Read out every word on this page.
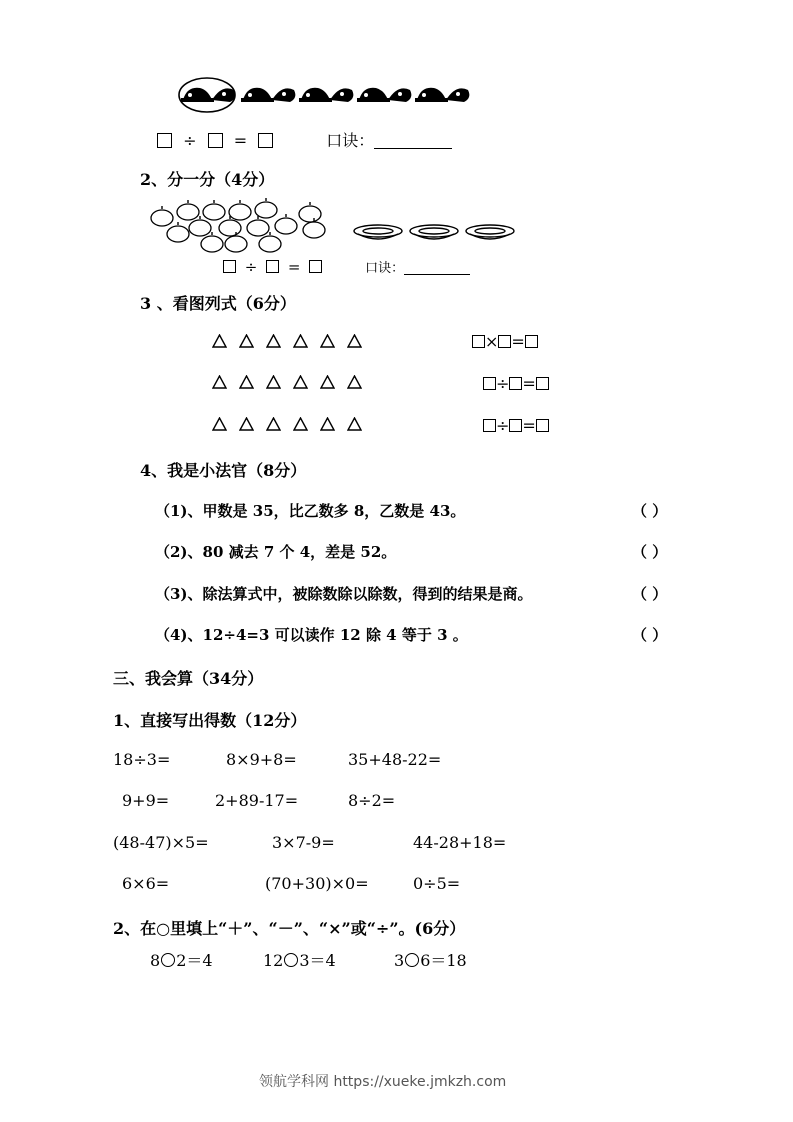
÷ =	口诀：
2、分一分（4分）
÷ =	口诀：
3 、看图列式（6分）
× =
÷ =
÷ =
4、我是小法官（8分）
（1)、甲数是 35，比乙数多 8，乙数是 43。	（ ）
（2)、80 减去 7 个 4，差是 52。	（ ）
（3)、除法算式中，被除数除以除数，得到的结果是商。	（ ）
（4)、12÷4=3 可以读作 12 除 4 等于 3 。	（ ）
三、我会算（34分）
1、直接写出得数（12分）
18÷3=	8×9+8=	35+48-22=
9+9=	2+89-17=	8÷2=
(48-47)×5=	3×7-9=	44-28+18=
6×6=	(70+30)×0=	0÷5=
2、在○里填上“＋”、“－”、“×”或“÷”。(6分）
8 2＝4	12 3＝4	3 6＝18
领航学科网 https://xueke.jmkzh.com
